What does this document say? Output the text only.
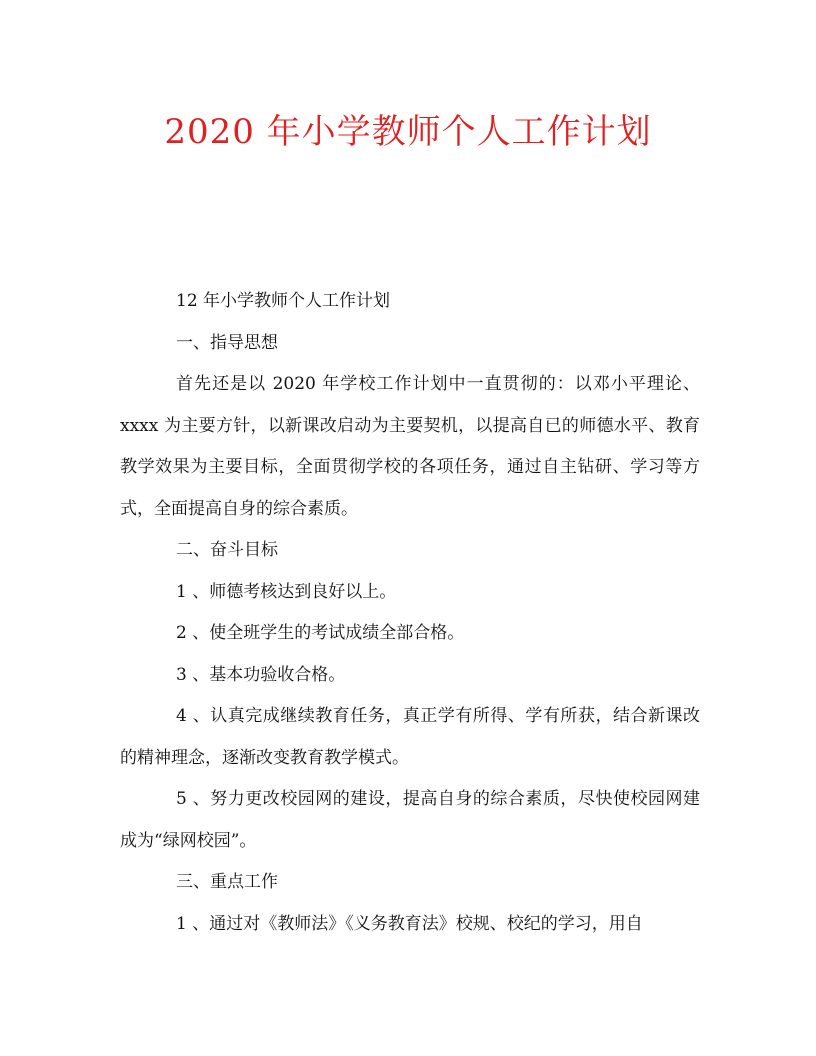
2020 年小学教师个人工作计划

12 年小学教师个人工作计划

一、指导思想

首先还是以 2020 年学校工作计划中一直贯彻的：以邓小平理论、xxxx 为主要方针，以新课改启动为主要契机，以提高自已的师德水平、教育教学效果为主要目标，全面贯彻学校的各项任务，通过自主钻研、学习等方式，全面提高自身的综合素质。

二、奋斗目标

1 、师德考核达到良好以上。

2 、使全班学生的考试成绩全部合格。

3 、基本功验收合格。

4 、认真完成继续教育任务，真正学有所得、学有所获，结合新课改的精神理念，逐渐改变教育教学模式。

5 、努力更改校园网的建设，提高自身的综合素质，尽快使校园网建成为“绿网校园”。

三、重点工作

1 、通过对《教师法》《义务教育法》校规、校纪的学习，用自
